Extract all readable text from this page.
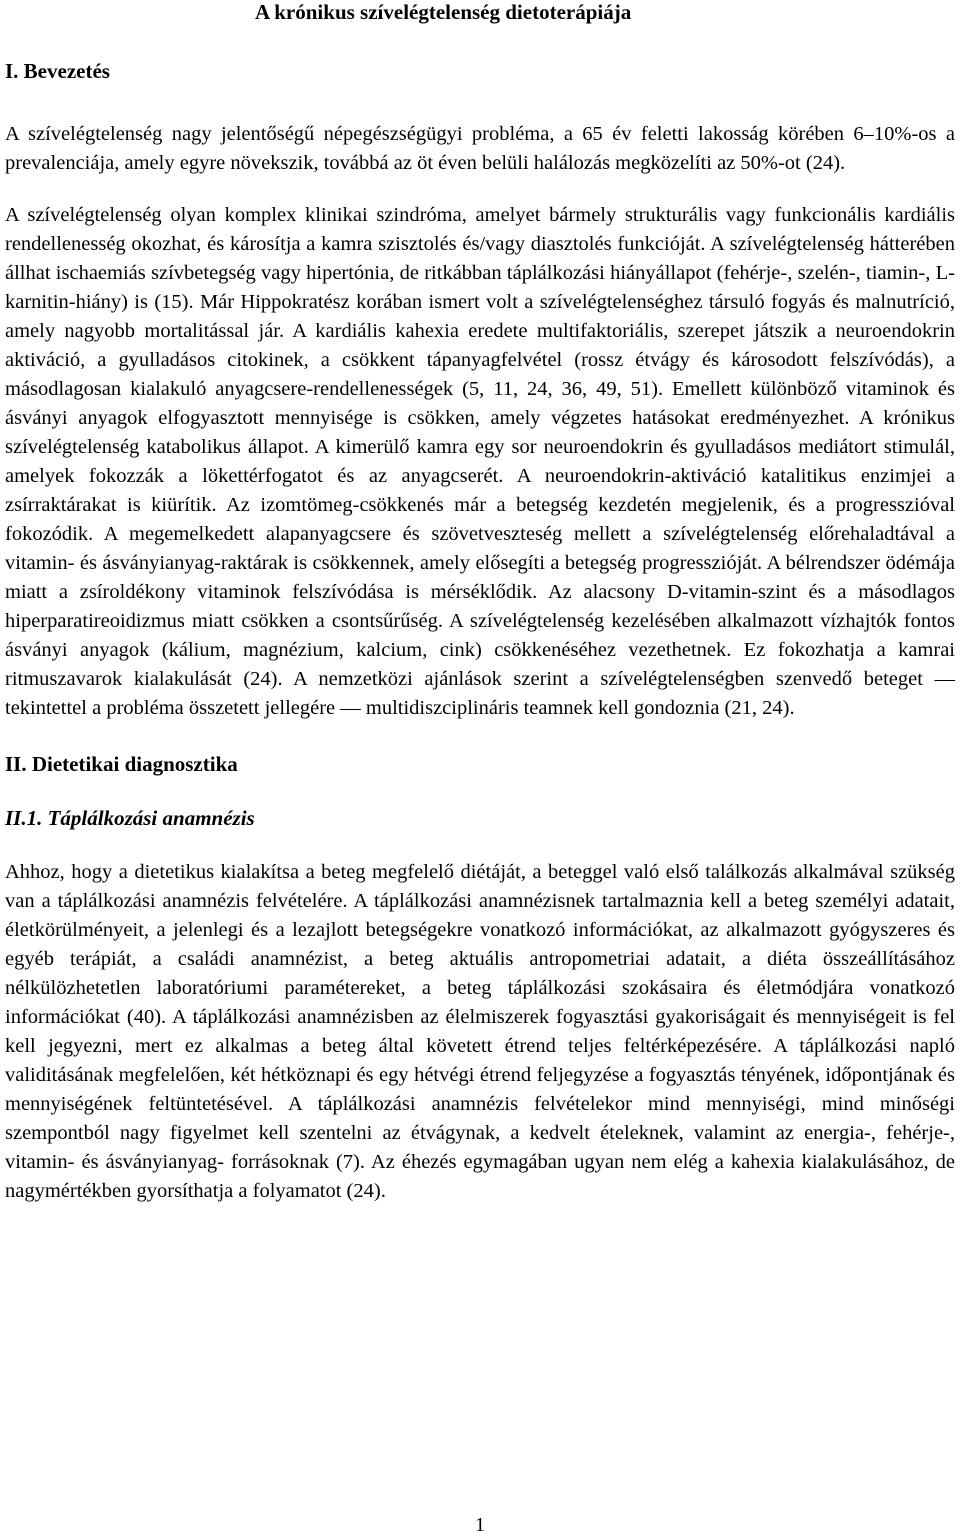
A krónikus szívelégtelenség dietoterápiája
I. Bevezetés

A szívelégtelenség nagy jelentőségű népegészségügyi probléma, a 65 év feletti lakosság körében 6–10%-os a prevalenciája, amely egyre növekszik, továbbá az öt éven belüli halálozás megközelíti az 50%-ot (24).

A szívelégtelenség olyan komplex klinikai szindróma, amelyet bármely strukturális vagy funkcionális kardiális rendellenesség okozhat, és károsítja a kamra szisztolés és/vagy diasztolés funkcióját. A szívelégtelenség hátterében állhat ischaemiás szívbetegség vagy hipertónia, de ritkábban táplálkozási hiányállapot (fehérje-, szelén-, tiamin-, L-karnitin-hiány) is (15). Már Hippokratész korában ismert volt a szívelégtelenséghez társuló fogyás és malnutríció, amely nagyobb mortalitással jár. A kardiális kahexia eredete multifaktoriális, szerepet játszik a neuroendokrin aktiváció, a gyulladásos citokinek, a csökkent tápanyagfelvétel (rossz étvágy és károsodott felszívódás), a másodlagosan kialakuló anyagcsere-rendellenességek (5, 11, 24, 36, 49, 51). Emellett különböző vitaminok és ásványi anyagok elfogyasztott mennyisége is csökken, amely végzetes hatásokat eredményezhet. A krónikus szívelégtelenség katabolikus állapot. A kimerülő kamra egy sor neuroendokrin és gyulladásos mediátort stimulál, amelyek fokozzák a lökettérfogatot és az anyagcserét. A neuroendokrin-aktiváció katalitikus enzimjei a zsírraktárakat is kiürítik. Az izomtömeg-csökkenés már a betegség kezdetén megjelenik, és a progresszióval fokozódik. A megemelkedett alapanyagcsere és szövetveszteség mellett a szívelégtelenség előrehaladtával a vitamin- és ásványianyag-raktárak is csökkennek, amely elősegíti a betegség progresszióját. A bélrendszer ödémája miatt a zsíroldékony vitaminok felszívódása is mérséklődik. Az alacsony D-vitamin-szint és a másodlagos hiperparatireoidizmus miatt csökken a csontsűrűség. A szívelégtelenség kezelésében alkalmazott vízhajtók fontos ásványi anyagok (kálium, magnézium, kalcium, cink) csökkenéséhez vezethetnek. Ez fokozhatja a kamrai ritmuszavarok kialakulását (24). A nemzetközi ajánlások szerint a szívelégtelenségben szenvedő beteget — tekintettel a probléma összetett jellegére — multidiszciplináris teamnek kell gondoznia (21, 24).

II. Dietetikai diagnosztika
II.1. Táplálkozási anamnézis

Ahhoz, hogy a dietetikus kialakítsa a beteg megfelelő diétáját, a beteggel való első találkozás alkalmával szükség van a táplálkozási anamnézis felvételére. A táplálkozási anamnézisnek tartalmaznia kell a beteg személyi adatait, életkörülményeit, a jelenlegi és a lezajlott betegségekre vonatkozó információkat, az alkalmazott gyógyszeres és egyéb terápiát, a családi anamnézist, a beteg aktuális antropometriai adatait, a diéta összeállításához nélkülözhetetlen laboratóriumi paramétereket, a beteg táplálkozási szokásaira és életmódjára vonatkozó információkat (40). A táplálkozási anamnézisben az élelmiszerek fogyasztási gyakoriságait és mennyiségeit is fel kell jegyezni, mert ez alkalmas a beteg által követett étrend teljes feltérképezésére. A táplálkozási napló validitásának megfelelően, két hétköznapi és egy hétvégi étrend feljegyzése a fogyasztás tényének, időpontjának és mennyiségének feltüntetésével. A táplálkozási anamnézis felvételekor mind mennyiségi, mind minőségi szempontból nagy figyelmet kell szentelni az étvágynak, a kedvelt ételeknek, valamint az energia-, fehérje-, vitamin- és ásványianyag- forrásoknak (7). Az éhezés egymagában ugyan nem elég a kahexia kialakulásához, de nagymértékben gyorsíthatja a folyamatot (24).

1
